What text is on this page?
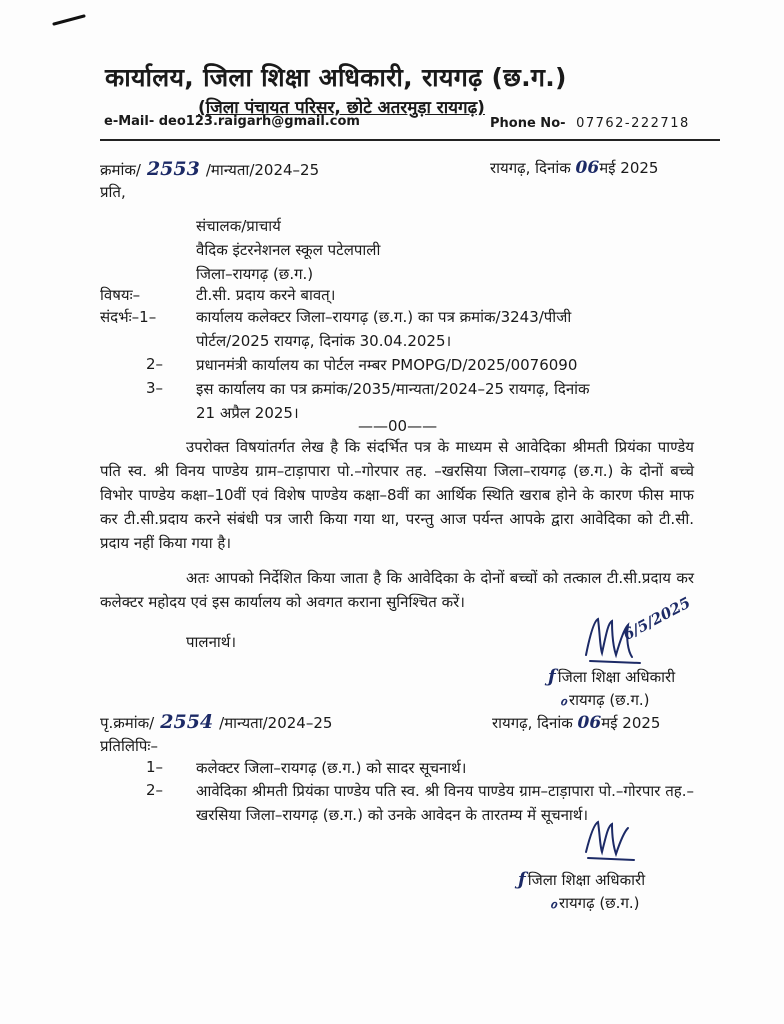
कार्यालय, जिला शिक्षा अधिकारी, रायगढ़ (छ.ग.)
(जिला पंचायत परिसर, छोटे अतरमुड़ा रायगढ़)
e-Mail- deo123.raigarh@gmail.com	Phone No- 07762-222718
क्रमांक/ 2553 /मान्यता/2024–25	रायगढ़, दिनांक 06मई 2025
प्रति,
संचालक/प्राचार्य
वैदिक इंटरनेशनल स्कूल पटेलपाली
जिला–रायगढ़ (छ.ग.)
विषयः–	टी.सी. प्रदाय करने बावत्।
संदर्भः–1–	कार्यालय कलेक्टर जिला–रायगढ़ (छ.ग.) का पत्र क्रमांक/3243/पीजी
पोर्टल/2025 रायगढ़, दिनांक 30.04.2025।
2– प्रधानमंत्री कार्यालय का पोर्टल नम्बर PMOPG/D/2025/0076090
3– इस कार्यालय का पत्र क्रमांक/2035/मान्यता/2024–25 रायगढ़, दिनांक
21 अप्रैल 2025।
——00——
उपरोक्त विषयांतर्गत लेख है कि संदर्भित पत्र के माध्यम से आवेदिका श्रीमती प्रियंका पाण्डेय पति स्व. श्री विनय पाण्डेय ग्राम–टाड़ापारा पो.–गोरपार तह. –खरसिया जिला–रायगढ़ (छ.ग.) के दोनों बच्चे विभोर पाण्डेय कक्षा–10वीं एवं विशेष पाण्डेय कक्षा–8वीं का आर्थिक स्थिति खराब होने के कारण फीस माफ कर टी.सी.प्रदाय करने संबंधी पत्र जारी किया गया था, परन्तु आज पर्यन्त आपके द्वारा आवेदिका को टी.सी. प्रदाय नहीं किया गया है।
अतः आपको निर्देशित किया जाता है कि आवेदिका के दोनों बच्चों को तत्काल टी.सी.प्रदाय कर कलेक्टर महोदय एवं इस कार्यालय को अवगत कराना सुनिश्चित करें।
पालनार्थ।	6/5/2025
ƒ जिला शिक्षा अधिकारी
ℴ रायगढ़ (छ.ग.)
पृ.क्रमांक/ 2554 /मान्यता/2024–25	रायगढ़, दिनांक 06मई 2025
प्रतिलिपिः–
1– कलेक्टर जिला–रायगढ़ (छ.ग.) को सादर सूचनार्थ।
2– आवेदिका श्रीमती प्रियंका पाण्डेय पति स्व. श्री विनय पाण्डेय ग्राम–टाड़ापारा पो.–गोरपार तह.–खरसिया जिला–रायगढ़ (छ.ग.) को उनके आवेदन के तारतम्य में सूचनार्थ।
ƒ जिला शिक्षा अधिकारी
ℴ रायगढ़ (छ.ग.)
